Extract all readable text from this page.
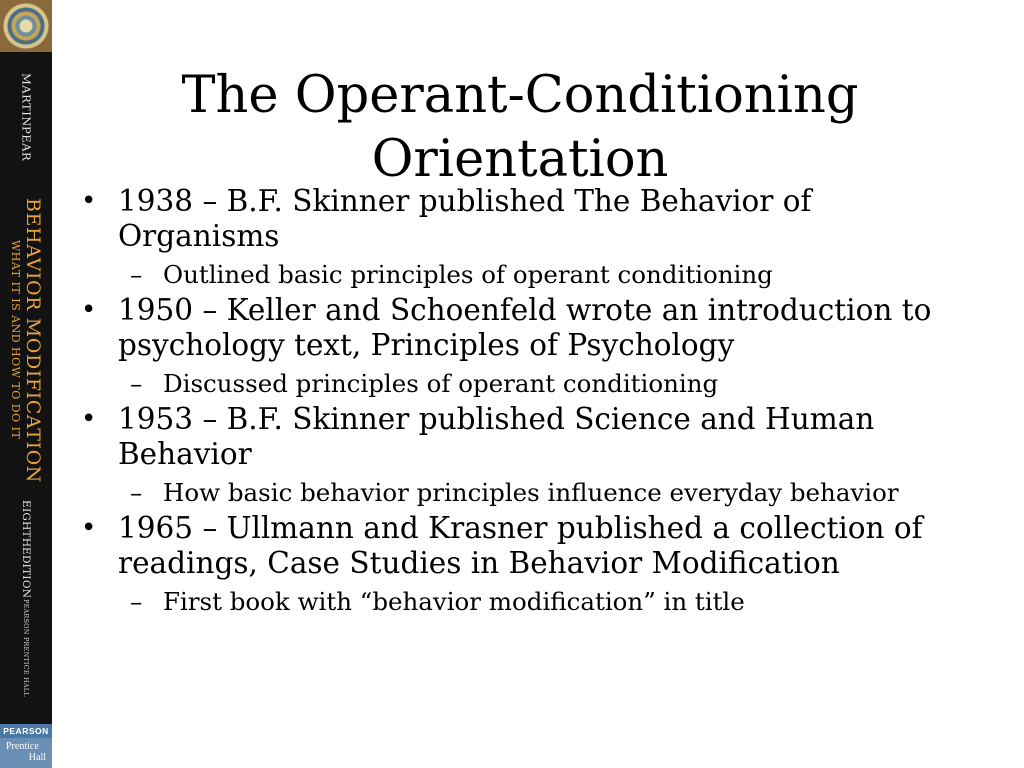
MARTIN
PEAR
BEHAVIOR MODIFICATION
WHAT IT IS AND HOW TO DO IT
EIGHTH
EDITION
PEARSON PRENTICE HALL
PEARSON
Prentice
Hall
The Operant-Conditioning Orientation
• 1938 – B.F. Skinner published The Behavior of Organisms
– Outlined basic principles of operant conditioning
• 1950 – Keller and Schoenfeld wrote an introduction to psychology text, Principles of Psychology
– Discussed principles of operant conditioning
• 1953 – B.F. Skinner published Science and Human Behavior
– How basic behavior principles influence everyday behavior
• 1965 – Ullmann and Krasner published a collection of readings, Case Studies in Behavior Modification
– First book with “behavior modification” in title
